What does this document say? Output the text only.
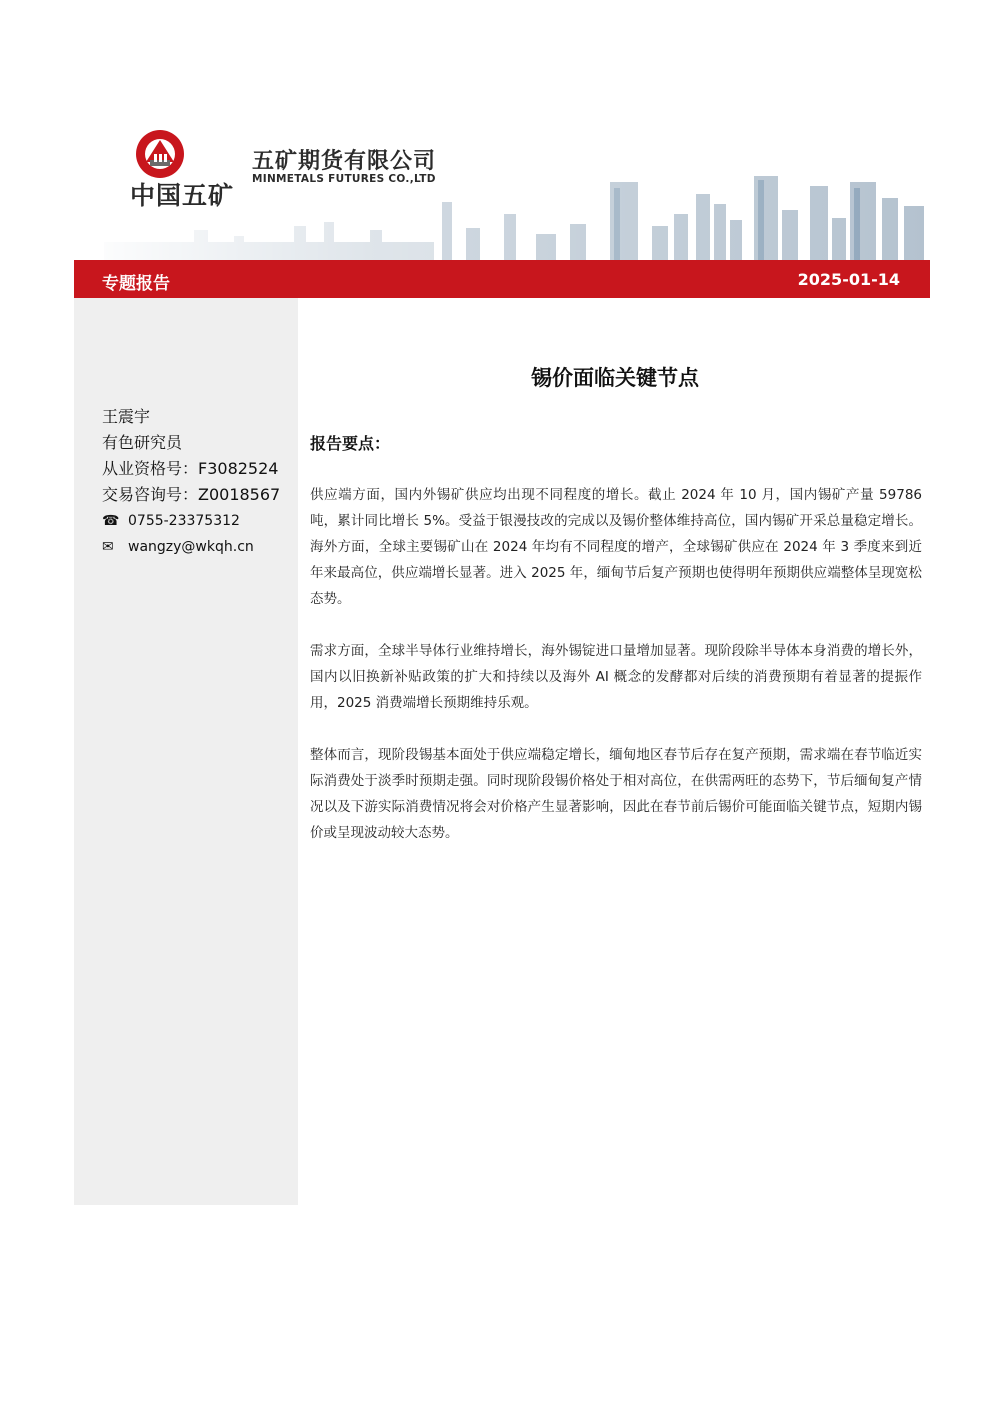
中国五矿
五矿期货有限公司
MINMETALS FUTURES CO.,LTD
专题报告	2025-01-14
王震宇
有色研究员
从业资格号：F3082524
交易咨询号：Z0018567
☎ 0755-23375312
✉ wangzy@wkqh.cn
锡价面临关键节点
报告要点：

供应端方面，国内外锡矿供应均出现不同程度的增长。截止 2024 年 10 月，国内锡矿产量 59786 吨，累计同比增长 5%。受益于银漫技改的完成以及锡价整体维持高位，国内锡矿开采总量稳定增长。海外方面，全球主要锡矿山在 2024 年均有不同程度的增产，全球锡矿供应在 2024 年 3 季度来到近年来最高位，供应端增长显著。进入 2025 年，缅甸节后复产预期也使得明年预期供应端整体呈现宽松态势。

需求方面，全球半导体行业维持增长，海外锡锭进口量增加显著。现阶段除半导体本身消费的增长外，国内以旧换新补贴政策的扩大和持续以及海外 AI 概念的发酵都对后续的消费预期有着显著的提振作用，2025 消费端增长预期维持乐观。

整体而言，现阶段锡基本面处于供应端稳定增长，缅甸地区春节后存在复产预期，需求端在春节临近实际消费处于淡季时预期走强。同时现阶段锡价格处于相对高位，在供需两旺的态势下，节后缅甸复产情况以及下游实际消费情况将会对价格产生显著影响，因此在春节前后锡价可能面临关键节点，短期内锡价或呈现波动较大态势。
